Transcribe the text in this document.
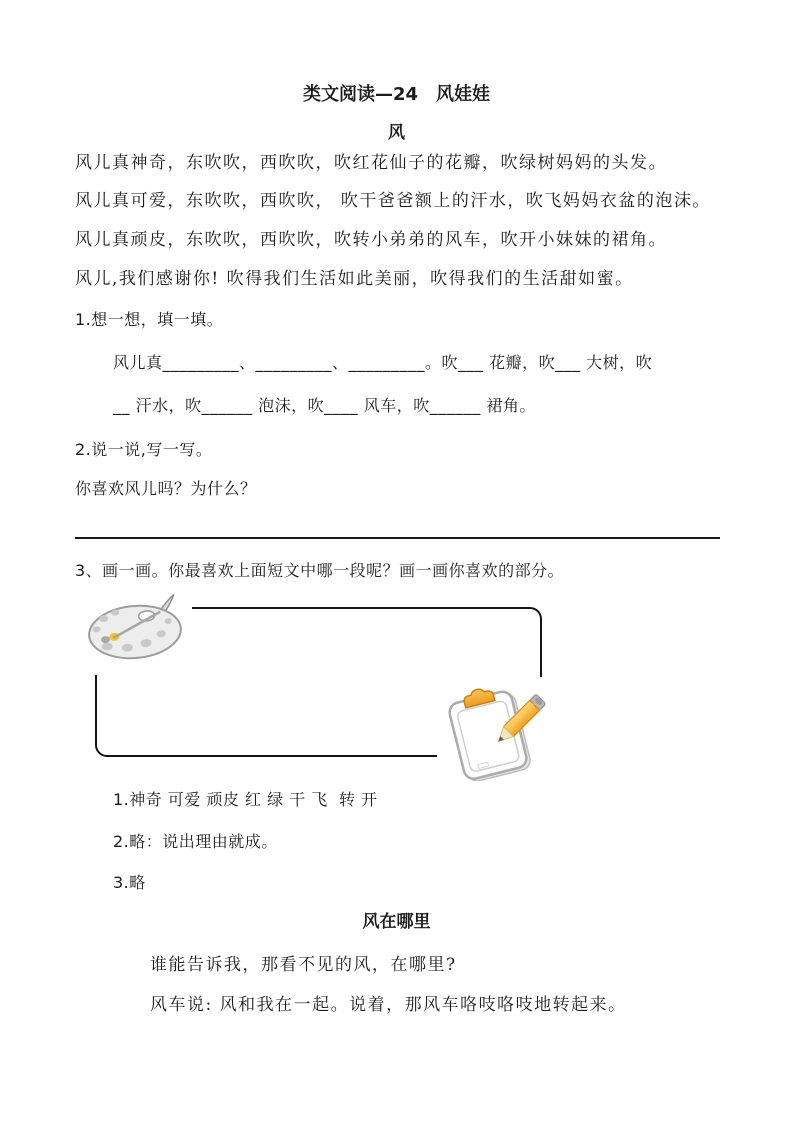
类文阅读—24　风娃娃
风
风儿真神奇，东吹吹，西吹吹，吹红花仙子的花瓣，吹绿树妈妈的头发。
风儿真可爱，东吹吹，西吹吹， 吹干爸爸额上的汗水，吹飞妈妈衣盆的泡沫。
风儿真顽皮，东吹吹，西吹吹，吹转小弟弟的风车，吹开小妹妹的裙角。
风儿,我们感谢你! 吹得我们生活如此美丽，吹得我们的生活甜如蜜。
1.想一想，填一填。
风儿真_________、_________、_________。吹___ 花瓣，吹___ 大树，吹
__ 汗水，吹______ 泡沫，吹____ 风车，吹______ 裙角。
2.说一说,写一写。
你喜欢风儿吗？为什么？
3、画一画。你最喜欢上面短文中哪一段呢？画一画你喜欢的部分。
1.神奇 可爱 顽皮 红 绿 干 飞  转 开
2.略：说出理由就成。
3.略
风在哪里
谁能告诉我，那看不见的风，在哪里?
风车说: 风和我在一起。说着，那风车咯吱咯吱地转起来。
